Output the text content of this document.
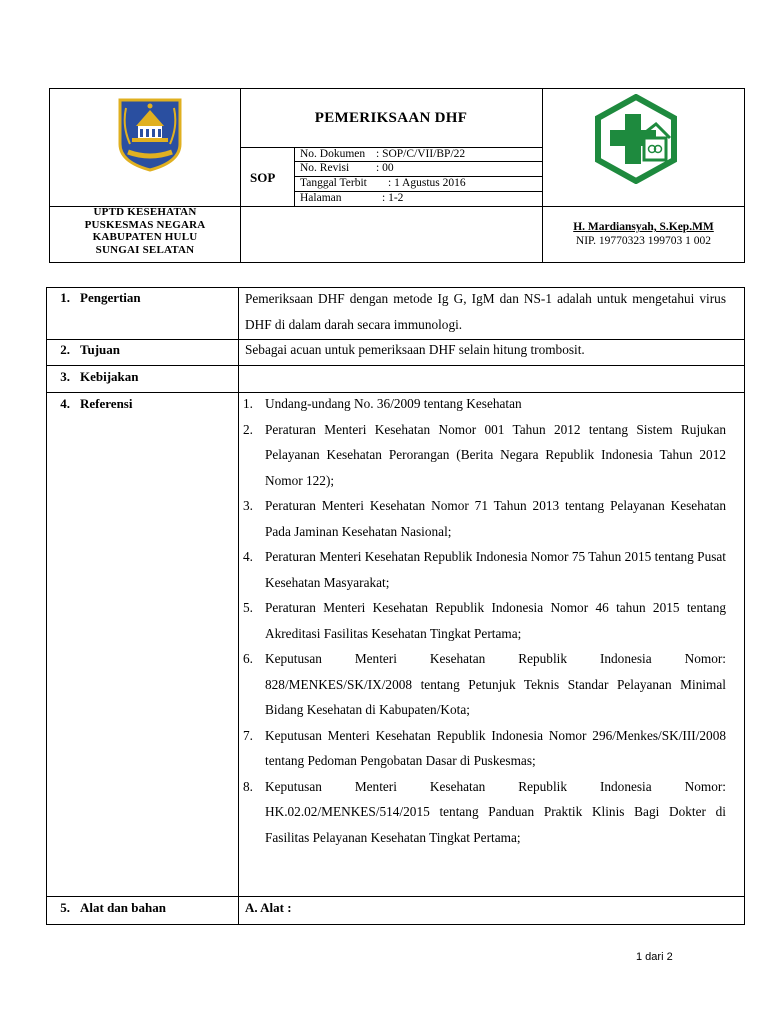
UPTD KESEHATAN
PUSKESMAS NEGARA
KABUPATEN HULU
SUNGAI SELATAN
PEMERIKSAAN DHF
SOP
No. Dokumen : SOP/C/VII/BP/22
No. Revisi : 00
Tanggal Terbit : 1 Agustus 2016
Halaman	: 1-2
H. Mardiansyah, S.Kep.MM
NIP. 19770323 199703 1 002
1. Pengertian	Pemeriksaan DHF dengan metode Ig G, IgM dan NS-1 adalah untuk mengetahui virus DHF di dalam darah secara immunologi.
2. Tujuan	Sebagai acuan untuk pemeriksaan DHF selain hitung trombosit.
3. Kebijakan
4. Referensi	1. Undang-undang No. 36/2009 tentang Kesehatan
2. Peraturan Menteri Kesehatan Nomor 001 Tahun 2012 tentang Sistem Rujukan Pelayanan Kesehatan Perorangan (Berita Negara Republik Indonesia Tahun 2012 Nomor 122);
3. Peraturan Menteri Kesehatan Nomor 71 Tahun 2013 tentang Pelayanan Kesehatan Pada Jaminan Kesehatan Nasional;
4. Peraturan Menteri Kesehatan Republik Indonesia Nomor 75 Tahun 2015 tentang Pusat Kesehatan Masyarakat;
5. Peraturan Menteri Kesehatan Republik Indonesia Nomor 46 tahun 2015 tentang Akreditasi Fasilitas Kesehatan Tingkat Pertama;
6. Keputusan Menteri Kesehatan Republik Indonesia Nomor: 828/MENKES/SK/IX/2008 tentang Petunjuk Teknis Standar Pelayanan Minimal Bidang Kesehatan di Kabupaten/Kota;
7. Keputusan Menteri Kesehatan Republik Indonesia Nomor 296/Menkes/SK/III/2008 tentang Pedoman Pengobatan Dasar di Puskesmas;
8. Keputusan Menteri Kesehatan Republik Indonesia Nomor: HK.02.02/MENKES/514/2015 tentang Panduan Praktik Klinis Bagi Dokter di Fasilitas Pelayanan Kesehatan Tingkat Pertama;
5. Alat dan bahan	A. Alat :
1 dari 2
